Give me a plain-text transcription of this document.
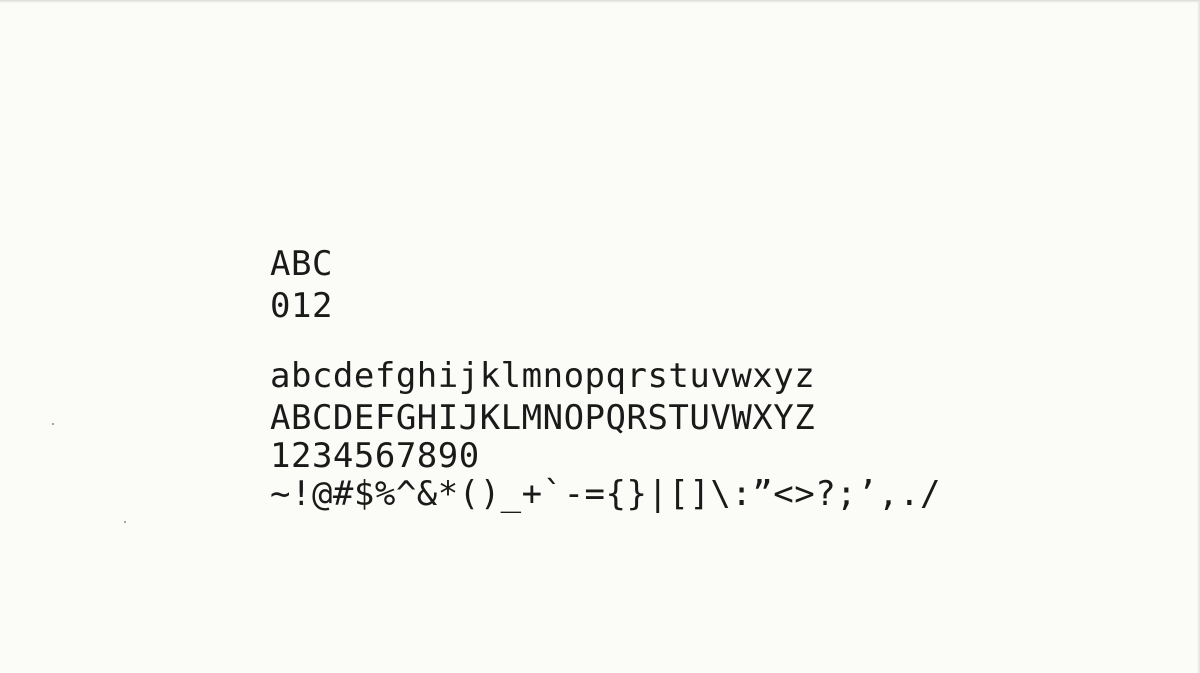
ABC
012
abcdefghijklmnopqrstuvwxyz
ABCDEFGHIJKLMNOPQRSTUVWXYZ
1234567890
~!@#$%^&*()_+`-={}|[]\:”<>?;’,./
